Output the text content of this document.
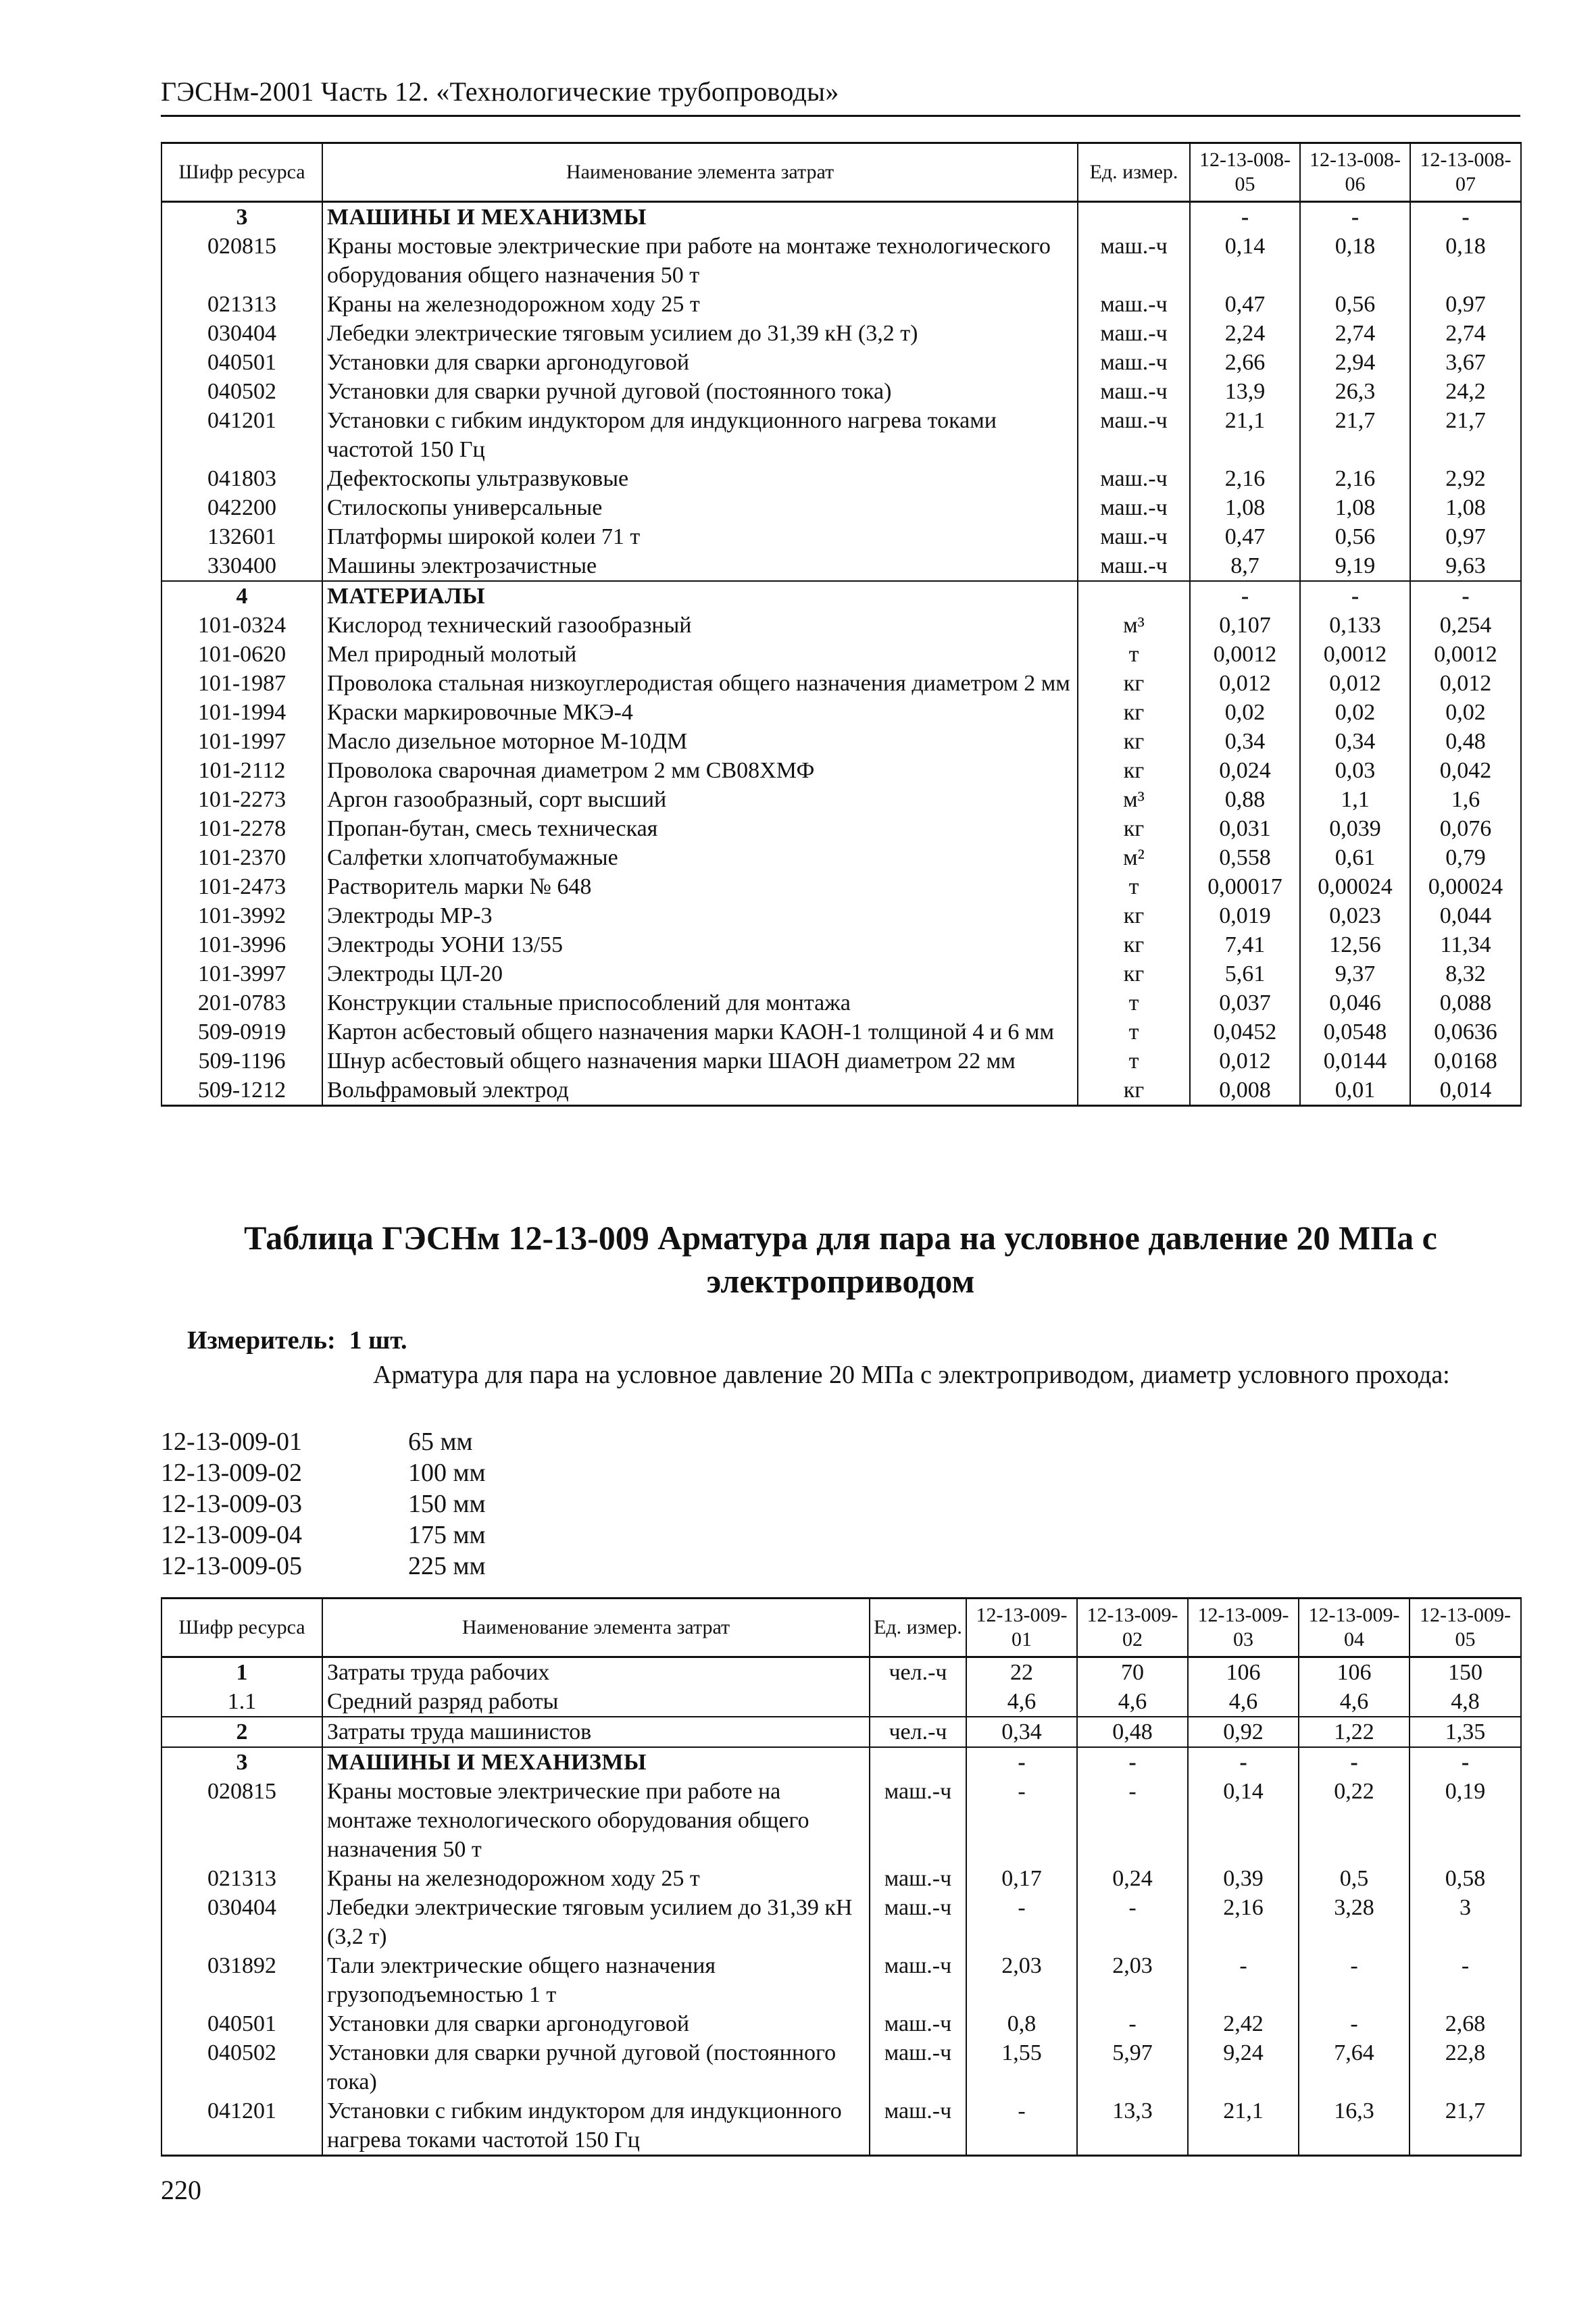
ГЭСНм-2001 Часть 12. «Технологические трубопроводы»
Шифр ресурса	Наименование элемента затрат	Ед. измер.	12-13-008-05	12-13-008-06	12-13-008-07
3	МАШИНЫ И МЕХАНИЗМЫ		-	-	-
020815	Краны мостовые электрические при работе на монтаже технологического оборудования общего назначения 50 т	маш.-ч	0,14	0,18	0,18
021313	Краны на железнодорожном ходу 25 т	маш.-ч	0,47	0,56	0,97
030404	Лебедки электрические тяговым усилием до 31,39 кН (3,2 т)	маш.-ч	2,24	2,74	2,74
040501	Установки для сварки аргонодуговой	маш.-ч	2,66	2,94	3,67
040502	Установки для сварки ручной дуговой (постоянного тока)	маш.-ч	13,9	26,3	24,2
041201	Установки с гибким индуктором для индукционного нагрева токами частотой 150 Гц	маш.-ч	21,1	21,7	21,7
041803	Дефектоскопы ультразвуковые	маш.-ч	2,16	2,16	2,92
042200	Стилоскопы универсальные	маш.-ч	1,08	1,08	1,08
132601	Платформы широкой колеи 71 т	маш.-ч	0,47	0,56	0,97
330400	Машины электрозачистные	маш.-ч	8,7	9,19	9,63
4	МАТЕРИАЛЫ		-	-	-
101-0324	Кислород технический газообразный	м³	0,107	0,133	0,254
101-0620	Мел природный молотый	т	0,0012	0,0012	0,0012
101-1987	Проволока стальная низкоуглеродистая общего назначения диаметром 2 мм	кг	0,012	0,012	0,012
101-1994	Краски маркировочные МКЭ-4	кг	0,02	0,02	0,02
101-1997	Масло дизельное моторное М-10ДМ	кг	0,34	0,34	0,48
101-2112	Проволока сварочная диаметром 2 мм СВ08ХМФ	кг	0,024	0,03	0,042
101-2273	Аргон газообразный, сорт высший	м³	0,88	1,1	1,6
101-2278	Пропан-бутан, смесь техническая	кг	0,031	0,039	0,076
101-2370	Салфетки хлопчатобумажные	м²	0,558	0,61	0,79
101-2473	Растворитель марки № 648	т	0,00017	0,00024	0,00024
101-3992	Электроды МР-3	кг	0,019	0,023	0,044
101-3996	Электроды УОНИ 13/55	кг	7,41	12,56	11,34
101-3997	Электроды ЦЛ-20	кг	5,61	9,37	8,32
201-0783	Конструкции стальные приспособлений для монтажа	т	0,037	0,046	0,088
509-0919	Картон асбестовый общего назначения марки КАОН-1 толщиной 4 и 6 мм	т	0,0452	0,0548	0,0636
509-1196	Шнур асбестовый общего назначения марки ШАОН диаметром 22 мм	т	0,012	0,0144	0,0168
509-1212	Вольфрамовый электрод	кг	0,008	0,01	0,014
Таблица ГЭСНм 12-13-009 Арматура для пара на условное давление 20 МПа с электроприводом
Измеритель: 1 шт.
Арматура для пара на условное давление 20 МПа с электроприводом, диаметр условного прохода:
12-13-009-01	65 мм
12-13-009-02	100 мм
12-13-009-03	150 мм
12-13-009-04	175 мм
12-13-009-05	225 мм
Шифр ресурса	Наименование элемента затрат	Ед. измер.	12-13-009-01	12-13-009-02	12-13-009-03	12-13-009-04	12-13-009-05
1	Затраты труда рабочих	чел.-ч	22	70	106	106	150
1.1	Средний разряд работы		4,6	4,6	4,6	4,6	4,8
2	Затраты труда машинистов	чел.-ч	0,34	0,48	0,92	1,22	1,35
3	МАШИНЫ И МЕХАНИЗМЫ		-	-	-	-	-
020815	Краны мостовые электрические при работе на монтаже технологического оборудования общего назначения 50 т	маш.-ч	-	-	0,14	0,22	0,19
021313	Краны на железнодорожном ходу 25 т	маш.-ч	0,17	0,24	0,39	0,5	0,58
030404	Лебедки электрические тяговым усилием до 31,39 кН (3,2 т)	маш.-ч	-	-	2,16	3,28	3
031892	Тали электрические общего назначения грузоподъемностью 1 т	маш.-ч	2,03	2,03	-	-	-
040501	Установки для сварки аргонодуговой	маш.-ч	0,8	-	2,42	-	2,68
040502	Установки для сварки ручной дуговой (постоянного тока)	маш.-ч	1,55	5,97	9,24	7,64	22,8
041201	Установки с гибким индуктором для индукционного нагрева токами частотой 150 Гц	маш.-ч	-	13,3	21,1	16,3	21,7
220
